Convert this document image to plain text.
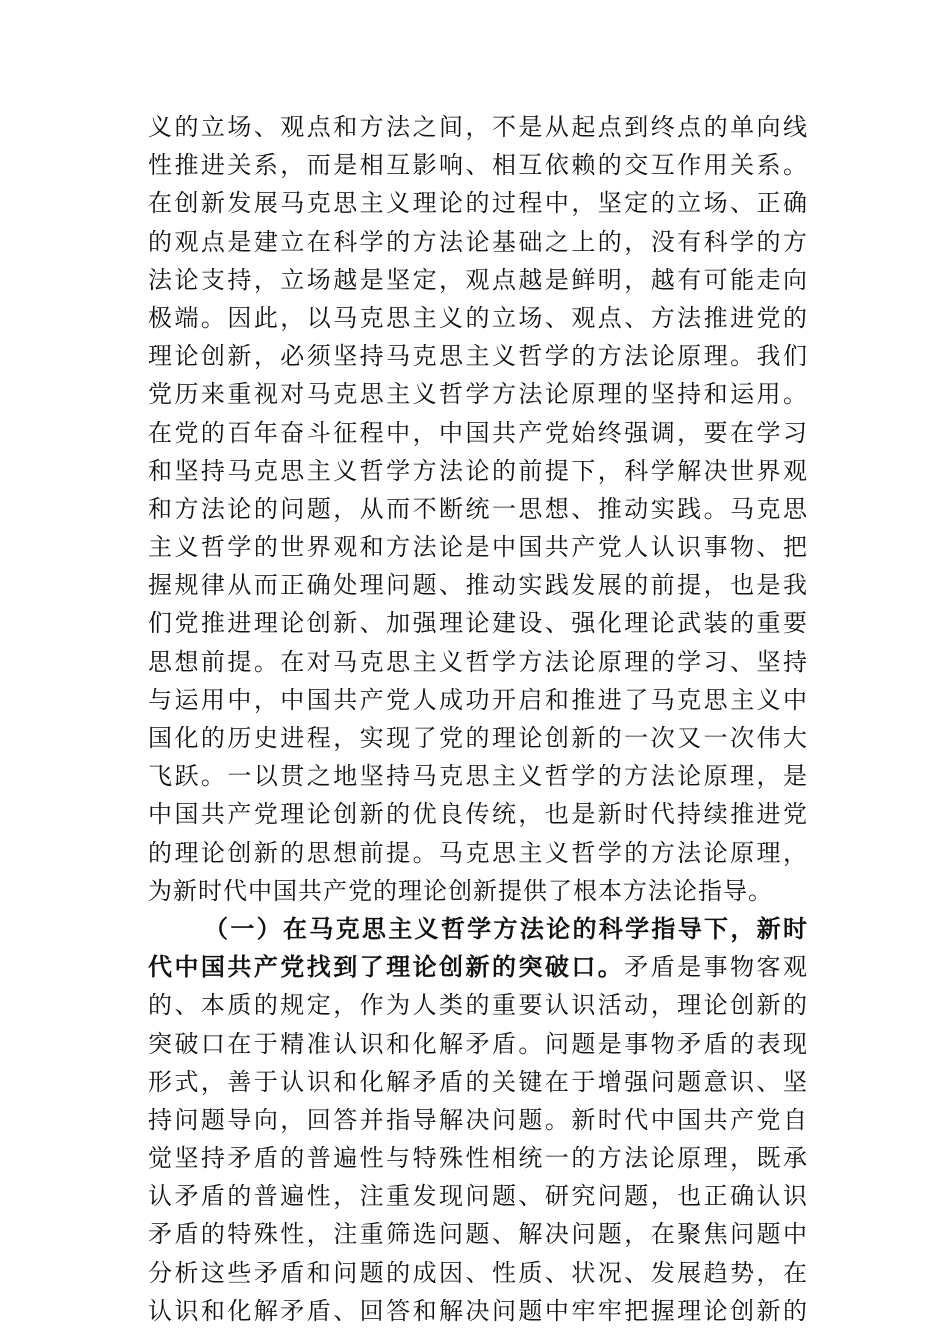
义的立场、观点和方法之间，不是从起点到终点的单向线
性推进关系，而是相互影响、相互依赖的交互作用关系。
在创新发展马克思主义理论的过程中，坚定的立场、正确
的观点是建立在科学的方法论基础之上的，没有科学的方
法论支持，立场越是坚定，观点越是鲜明，越有可能走向
极端。因此，以马克思主义的立场、观点、方法推进党的
理论创新，必须坚持马克思主义哲学的方法论原理。我们
党历来重视对马克思主义哲学方法论原理的坚持和运用。
在党的百年奋斗征程中，中国共产党始终强调，要在学习
和坚持马克思主义哲学方法论的前提下，科学解决世界观
和方法论的问题，从而不断统一思想、推动实践。马克思
主义哲学的世界观和方法论是中国共产党人认识事物、把
握规律从而正确处理问题、推动实践发展的前提，也是我
们党推进理论创新、加强理论建设、强化理论武装的重要
思想前提。在对马克思主义哲学方法论原理的学习、坚持
与运用中，中国共产党人成功开启和推进了马克思主义中
国化的历史进程，实现了党的理论创新的一次又一次伟大
飞跃。一以贯之地坚持马克思主义哲学的方法论原理，是
中国共产党理论创新的优良传统，也是新时代持续推进党
的理论创新的思想前提。马克思主义哲学的方法论原理，
为新时代中国共产党的理论创新提供了根本方法论指导。
（一）在马克思主义哲学方法论的科学指导下，新时
代中国共产党找到了理论创新的突破口。矛盾是事物客观
的、本质的规定，作为人类的重要认识活动，理论创新的
突破口在于精准认识和化解矛盾。问题是事物矛盾的表现
形式，善于认识和化解矛盾的关键在于增强问题意识、坚
持问题导向，回答并指导解决问题。新时代中国共产党自
觉坚持矛盾的普遍性与特殊性相统一的方法论原理，既承
认矛盾的普遍性，注重发现问题、研究问题，也正确认识
矛盾的特殊性，注重筛选问题、解决问题，在聚焦问题中
分析这些矛盾和问题的成因、性质、状况、发展趋势，在
认识和化解矛盾、回答和解决问题中牢牢把握理论创新的
